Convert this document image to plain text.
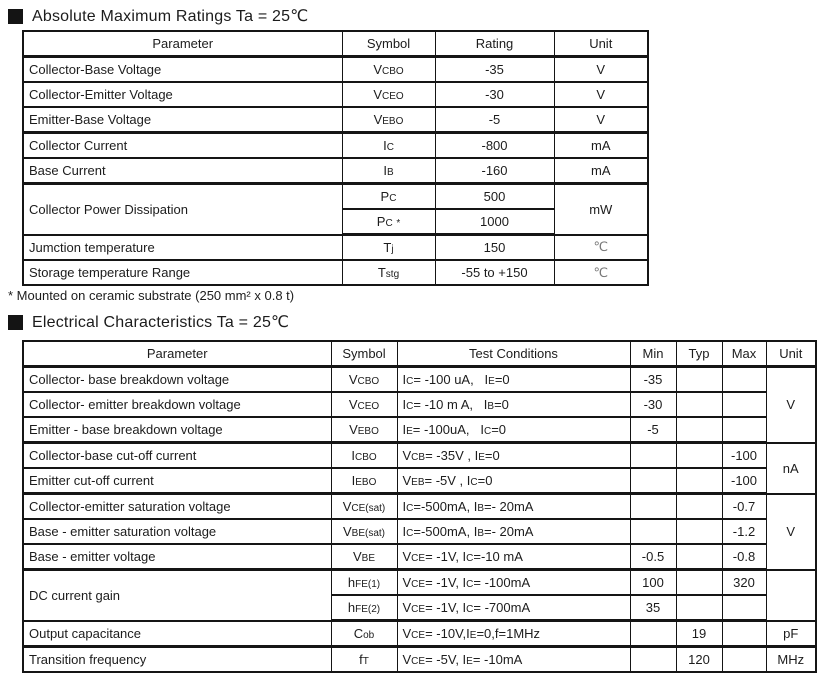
Absolute Maximum Ratings Ta = 25℃
Parameter	Symbol	Rating	Unit
Collector-Base Voltage	VCBO	-35	V
Collector-Emitter Voltage	VCEO	-30	V
Emitter-Base Voltage	VEBO	-5	V
Collector Current	IC	-800	mA
Base Current	IB	-160	mA
Collector Power Dissipation	PC	500	mW
	PC *	1000	
Jumction temperature	Tj	150	℃
Storage temperature Range	Tstg	-55 to +150	℃
* Mounted on ceramic substrate (250 mm² x 0.8 t)
Electrical Characteristics Ta = 25℃
Parameter	Symbol	Test Conditions	Min	Typ	Max	Unit
Collector- base breakdown voltage	VCBO	IC= -100 uA,   IE=0	-35			V
Collector- emitter breakdown voltage	VCEO	IC= -10 m A,   IB=0	-30			
Emitter - base breakdown voltage	VEBO	IE= -100uA,   IC=0	-5			
Collector-base cut-off current	ICBO	VCB= -35V , IE=0			-100	nA
Emitter cut-off current	IEBO	VEB= -5V , IC=0			-100	
Collector-emitter saturation voltage	VCE(sat)	IC=-500mA, IB=- 20mA			-0.7	V
Base - emitter saturation voltage	VBE(sat)	IC=-500mA, IB=- 20mA			-1.2	
Base - emitter voltage	VBE	VCE= -1V, IC=-10 mA	-0.5		-0.8	
DC current gain	hFE(1)	VCE= -1V, IC= -100mA	100		320	
	hFE(2)	VCE= -1V, IC= -700mA	35			
Output capacitance	Cob	VCE= -10V,IE=0,f=1MHz		19		pF
Transition frequency	fT	VCE= -5V, IE= -10mA		120		MHz
